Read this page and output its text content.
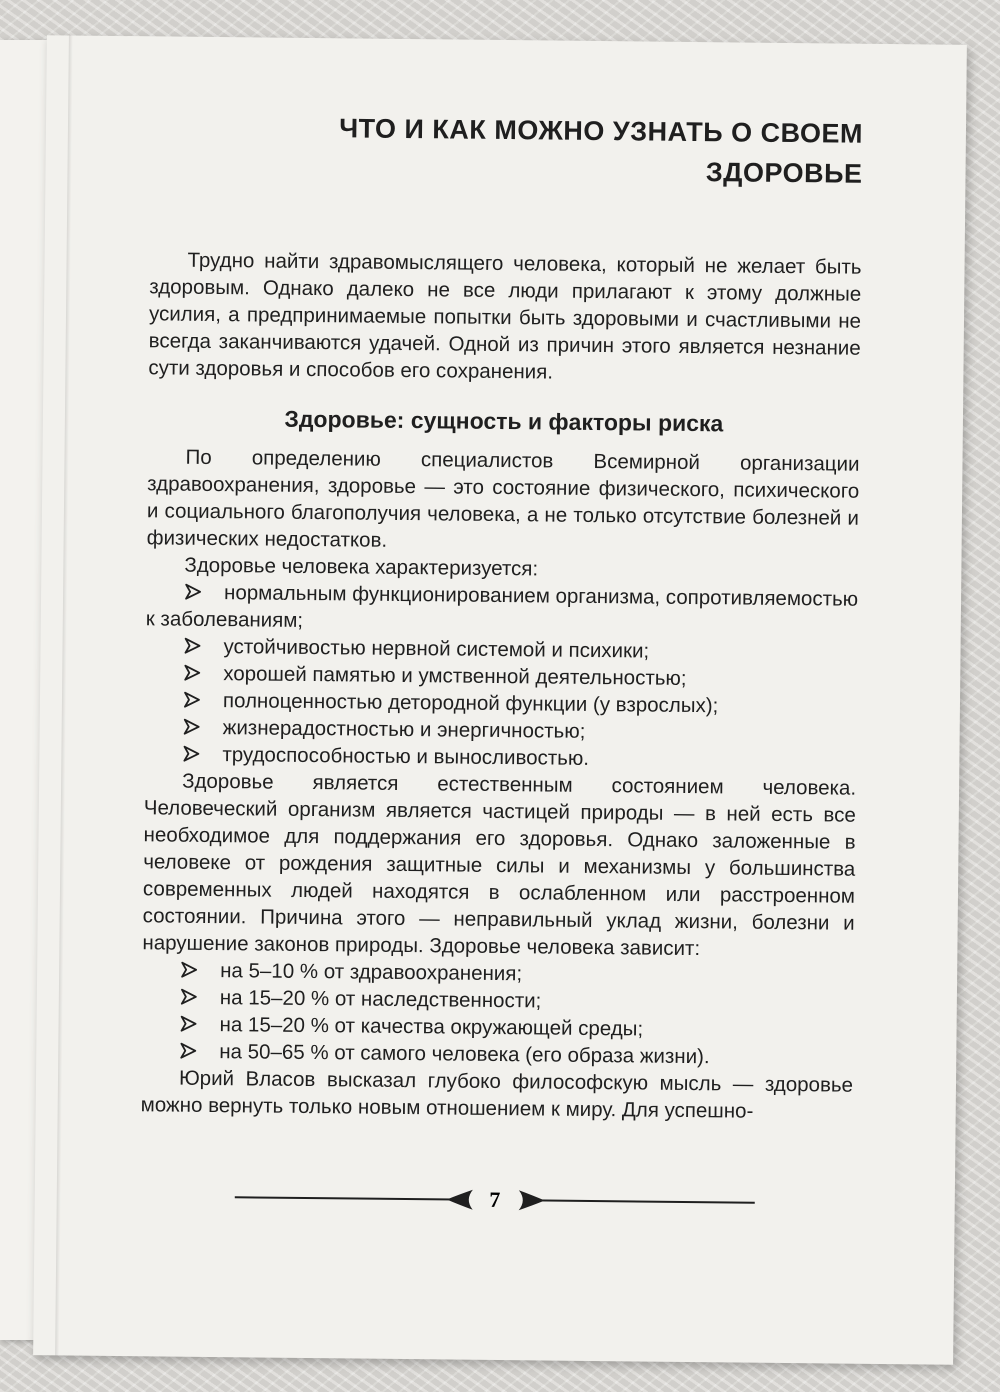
ЧТО И КАК МОЖНО УЗНАТЬ О СВОЕМ
ЗДОРОВЬЕ

Трудно найти здравомыслящего человека, который не желает быть здоровым. Однако далеко не все люди прилагают к этому должные усилия, а предпринимаемые попытки быть здоровыми и счастливыми не всегда заканчиваются удачей. Одной из причин этого является незнание сути здоровья и способов его сохранения.

Здоровье: сущность и факторы риска

По определению специалистов Всемирной организации здравоохранения, здоровье — это состояние физического, психического и социального благополучия человека, а не только отсутствие болезней и физических недостатков.

Здоровье человека характеризуется:

нормальным функционированием организма, сопротивляемостью к заболеваниям;
устойчивостью нервной системой и психики;
хорошей памятью и умственной деятельностью;
полноценностью детородной функции (у взрослых);
жизнерадостностью и энергичностью;
трудоспособностью и выносливостью.

Здоровье является естественным состоянием человека. Человеческий организм является частицей природы — в ней есть все необходимое для поддержания его здоровья. Однако заложенные в человеке от рождения защитные силы и механизмы у большинства современных людей находятся в ослабленном или расстроенном состоянии. Причина этого — неправильный уклад жизни, болезни и нарушение законов природы. Здоровье человека зависит:

на 5–10 % от здравоохранения;
на 15–20 % от наследственности;
на 15–20 % от качества окружающей среды;
на 50–65 % от самого человека (его образа жизни).

Юрий Власов высказал глубоко философскую мысль — здоровье можно вернуть только новым отношением к миру. Для успешно-

7
